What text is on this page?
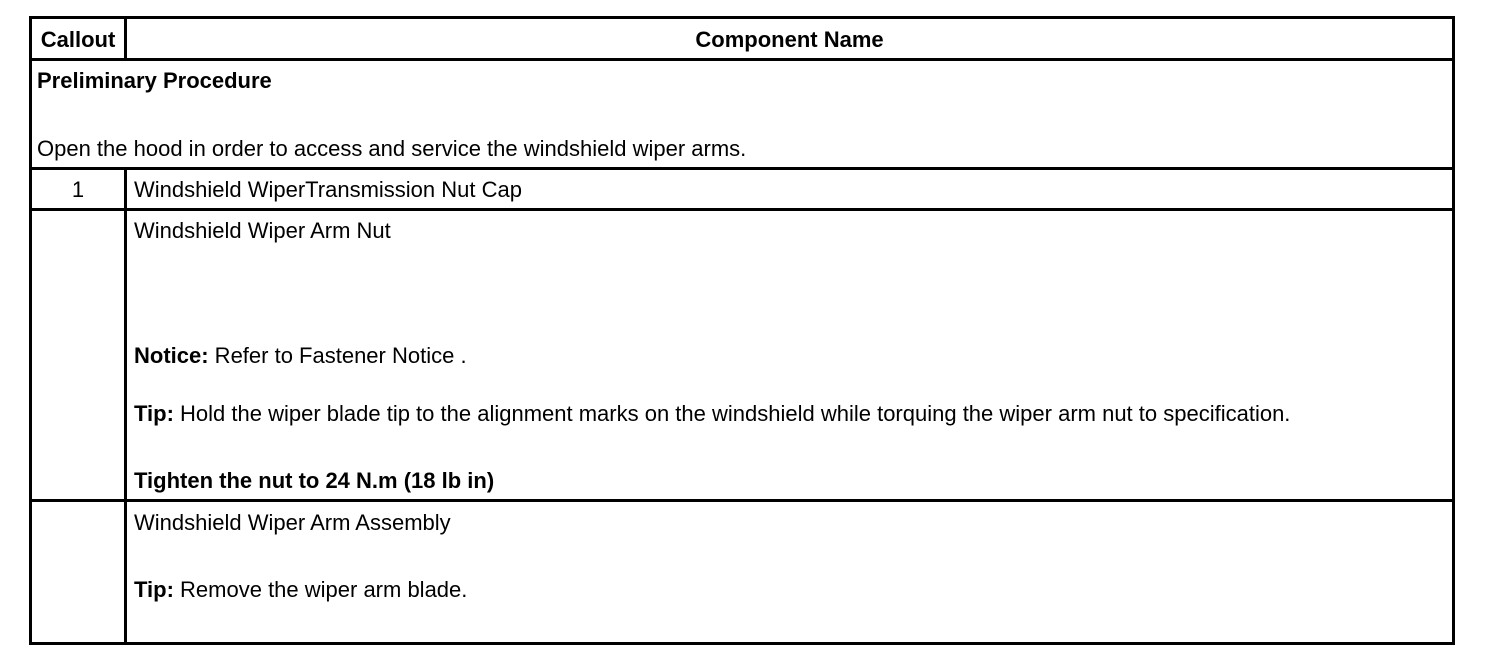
Callout	Component Name
Preliminary Procedure
Open the hood in order to access and service the windshield wiper arms.
1	Windshield WiperTransmission Nut Cap
Windshield Wiper Arm Nut
Notice: Refer to Fastener Notice .
Tip: Hold the wiper blade tip to the alignment marks on the windshield while torquing the wiper arm nut to specification.
Tighten the nut to 24 N.m (18 lb in)
Windshield Wiper Arm Assembly
Tip: Remove the wiper arm blade.
